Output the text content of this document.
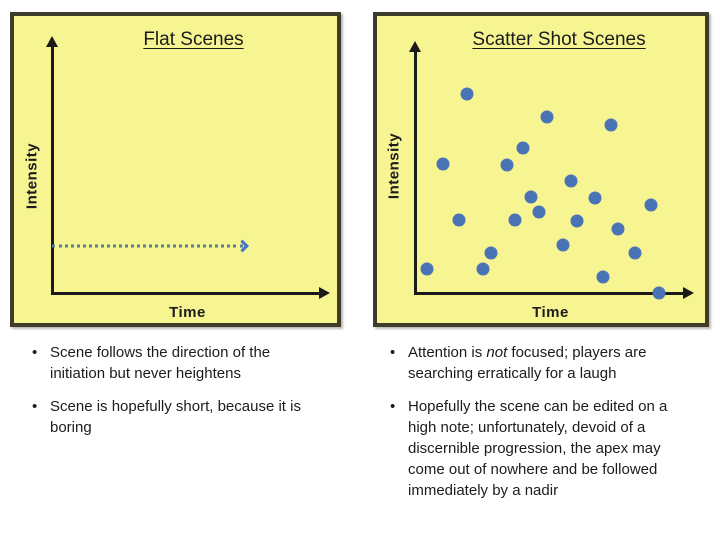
Flat Scenes
Intensity
Time
Scatter Shot Scenes
Intensity
Time
• Scene follows the direction of the initiation but never heightens
• Scene is hopefully short, because it is boring
• Attention is not focused; players are searching erratically for a laugh
• Hopefully the scene can be edited on a high note; unfortunately, devoid of a discernible progression, the apex may come out of nowhere and be followed immediately by a nadir
